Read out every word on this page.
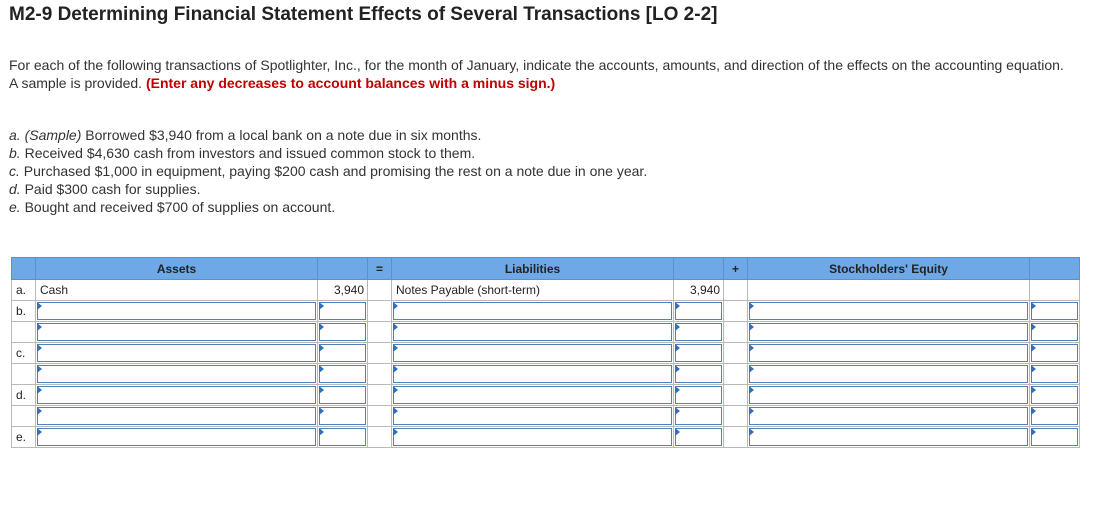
M2-9 Determining Financial Statement Effects of Several Transactions [LO 2-2]
For each of the following transactions of Spotlighter, Inc., for the month of January, indicate the accounts, amounts, and direction of the effects on the accounting equation. A sample is provided. (Enter any decreases to account balances with a minus sign.)
a. (Sample) Borrowed $3,940 from a local bank on a note due in six months.
b. Received $4,630 cash from investors and issued common stock to them.
c. Purchased $1,000 in equipment, paying $200 cash and promising the rest on a note due in one year.
d. Paid $300 cash for supplies.
e. Bought and received $700 of supplies on account.
	Assets		=	Liabilities		+	Stockholders' Equity	
a.	Cash	3,940		Notes Payable (short-term)	3,940			
b.	

c.	

d.	

e.	
